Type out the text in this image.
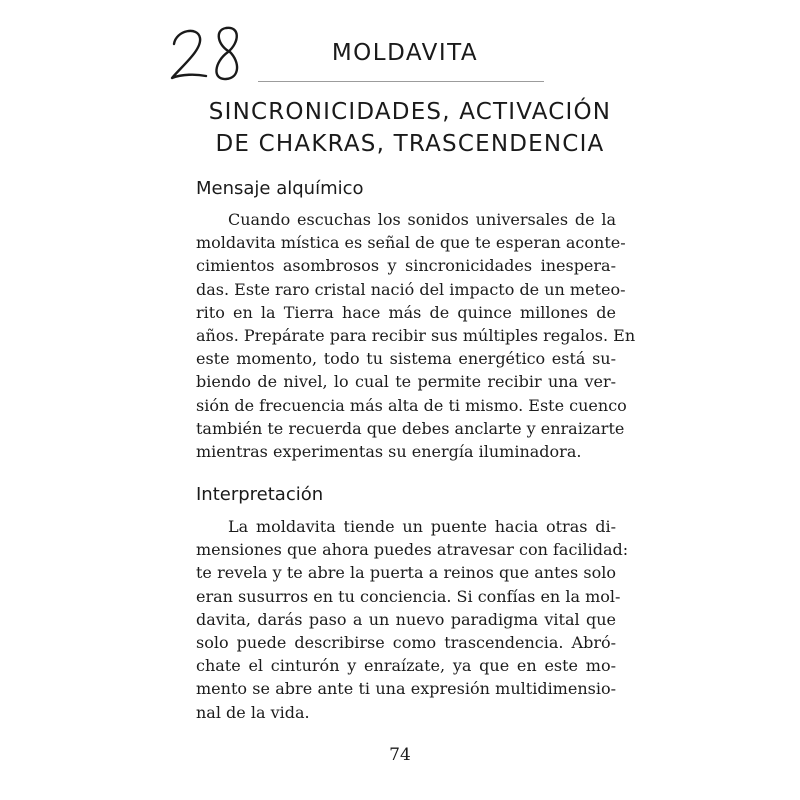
MOLDAVITA
SINCRONICIDADES, ACTIVACIÓN
DE CHAKRAS, TRASCENDENCIA
Mensaje alquímico
Cuando escuchas los sonidos universales de la
moldavita mística es señal de que te esperan aconte-
cimientos asombrosos y sincronicidades inespera-
das. Este raro cristal nació del impacto de un meteo-
rito en la Tierra hace más de quince millones de
años. Prepárate para recibir sus múltiples regalos. En
este momento, todo tu sistema energético está su-
biendo de nivel, lo cual te permite recibir una ver-
sión de frecuencia más alta de ti mismo. Este cuenco
también te recuerda que debes anclarte y enraizarte
mientras experimentas su energía iluminadora.
Interpretación
La moldavita tiende un puente hacia otras di-
mensiones que ahora puedes atravesar con facilidad:
te revela y te abre la puerta a reinos que antes solo
eran susurros en tu conciencia. Si confías en la mol-
davita, darás paso a un nuevo paradigma vital que
solo puede describirse como trascendencia. Abró-
chate el cinturón y enraízate, ya que en este mo-
mento se abre ante ti una expresión multidimensio-
nal de la vida.
74
